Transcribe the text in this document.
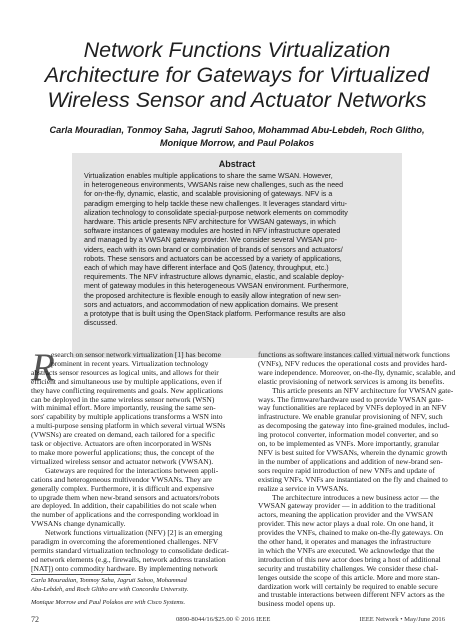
Network Functions Virtualization
Architecture for Gateways for Virtualized
Wireless Sensor and Actuator Networks
Carla Mouradian, Tonmoy Saha, Jagruti Sahoo, Mohammad Abu-Lebdeh, Roch Glitho,
Monique Morrow, and Paul Polakos
Abstract
Virtualization enables multiple applications to share the same WSAN. However,
in heterogeneous environments, VWSANs raise new challenges, such as the need
for on-the-fly, dynamic, elastic, and scalable provisioning of gateways. NFV is a
paradigm emerging to help tackle these new challenges. It leverages standard virtu-
alization technology to consolidate special-purpose network elements on commodity
hardware. This article presents NFV architecture for VWSAN gateways, in which
software instances of gateway modules are hosted in NFV infrastructure operated
and managed by a VWSAN gateway provider. We consider several VWSAN pro-
viders, each with its own brand or combination of brands of sensors and actuators/
robots. These sensors and actuators can be accessed by a variety of applications,
each of which may have different interface and QoS (latency, throughput, etc.)
requirements. The NFV infrastructure allows dynamic, elastic, and scalable deploy-
ment of gateway modules in this heterogeneous VWSAN environment. Furthermore,
the proposed architecture is flexible enough to easily allow integration of new sen-
sors and actuators, and accommodation of new application domains. We present
a prototype that is built using the OpenStack platform. Performance results are also
discussed.
R
esearch on sensor network virtualization [1] has become
prominent in recent years. Virtualization technology
abstracts sensor resources as logical units, and allows for their
efficient and simultaneous use by multiple applications, even if
they have conflicting requirements and goals. New applications
can be deployed in the same wireless sensor network (WSN)
with minimal effort. More importantly, reusing the same sen-
sors' capability by multiple applications transforms a WSN into
a multi-purpose sensing platform in which several virtual WSNs
(VWSNs) are created on demand, each tailored for a specific
task or objective. Actuators are often incorporated in WSNs
to make more powerful applications; thus, the concept of the
virtualized wireless sensor and actuator network (VWSAN).
Gateways are required for the interactions between appli-
cations and heterogeneous multivendor VWSANs. They are
generally complex. Furthermore, it is difficult and expensive
to upgrade them when new-brand sensors and actuators/robots
are deployed. In addition, their capabilities do not scale when
the number of applications and the corresponding workload in
VWSANs change dynamically.
Network functions virtualization (NFV) [2] is an emerging
paradigm in overcoming the aforementioned challenges. NFV
permits standard virtualization technology to consolidate dedicat-
ed network elements (e.g., firewalls, network address translation
[NAT]) onto commodity hardware. By implementing network
functions as software instances called virtual network functions
(VNFs), NFV reduces the operational costs and provides hard-
ware independence. Moreover, on-the-fly, dynamic, scalable, and
elastic provisioning of network services is among its benefits.
This article presents an NFV architecture for VWSAN gate-
ways. The firmware/hardware used to provide VWSAN gate-
way functionalities are replaced by VNFs deployed in an NFV
infrastructure. We enable granular provisioning of NFV, such
as decomposing the gateway into fine-grained modules, includ-
ing protocol converter, information model converter, and so
on, to be implemented as VNFs. More importantly, granular
NFV is best suited for VWSANs, wherein the dynamic growth
in the number of applications and addition of new-brand sen-
sors require rapid introduction of new VNFs and update of
existing VNFs. VNFs are instantiated on the fly and chained to
realize a service in VWSANs.
The architecture introduces a new business actor — the
VWSAN gateway provider — in addition to the traditional
actors, meaning the application provider and the VWSAN
provider. This new actor plays a dual role. On one hand, it
provides the VNFs, chained to make on-the-fly gateways. On
the other hand, it operates and manages the infrastructure
in which the VNFs are executed. We acknowledge that the
introduction of this new actor does bring a host of additional
security and trustability challenges. We consider these chal-
lenges outside the scope of this article. More and more stan-
dardization work will certainly be required to enable secure
and trustable interactions between different NFV actors as the
business model opens up.
Carla Mouradian, Tonmoy Saha, Jagruti Sahoo, Mohammad
Abu-Lebdeh, and Roch Glitho are with Concordia University.
Monique Morrow and Paul Polakos are with Cisco Systems.
72	0890-8044/16/$25.00 © 2016 IEEE	IEEE Network • May/June 2016
